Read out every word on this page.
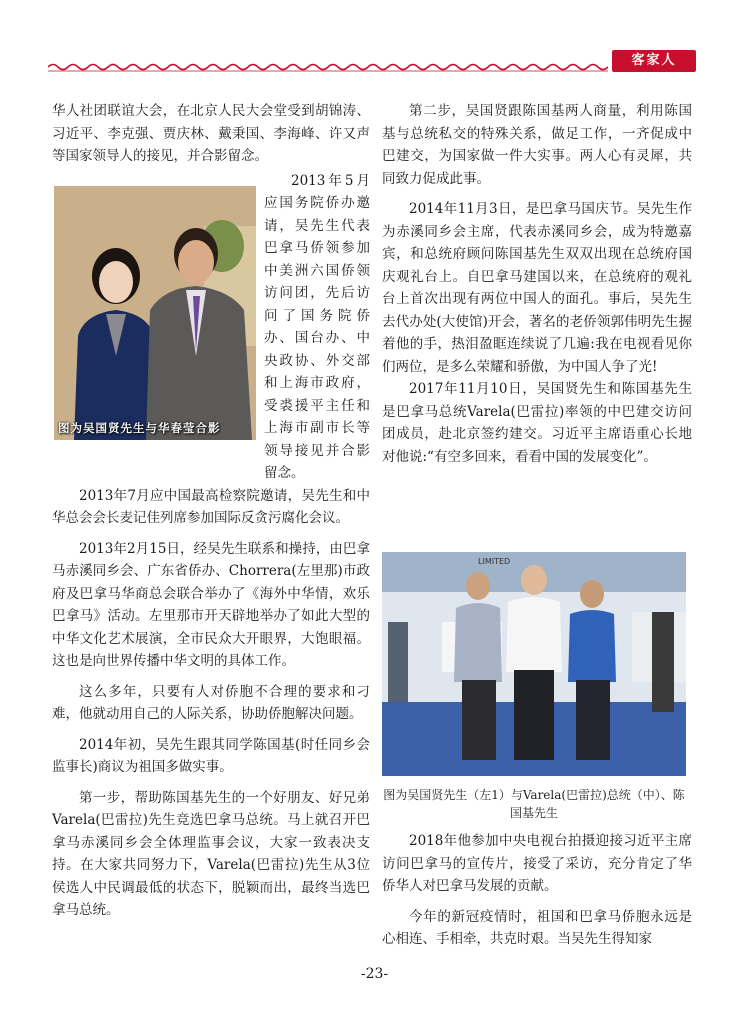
客家人

华人社团联谊大会，在北京人民大会堂受到胡锦涛、习近平、李克强、贾庆林、戴秉国、李海峰、许又声等国家领导人的接见，并合影留念。

2013年5月应国务院侨办邀请，吴先生代表巴拿马侨领参加中美洲六国侨领访问团，先后访问了国务院侨办、国台办、中央政协、外交部和上海市政府，受裘援平主任和上海市副市长等领导接见并合影留念。

2013年7月应中国最高检察院邀请，吴先生和中华总会会长麦记佳列席参加国际反贪污腐化会议。

2013年2月15日，经吴先生联系和操持，由巴拿马赤溪同乡会、广东省侨办、Chorrera(左里那)市政府及巴拿马华商总会联合举办了《海外中华情，欢乐巴拿马》活动。左里那市开天辟地举办了如此大型的中华文化艺术展演，全市民众大开眼界，大饱眼福。这也是向世界传播中华文明的具体工作。

这么多年，只要有人对侨胞不合理的要求和刁难，他就动用自己的人际关系，协助侨胞解决问题。

2014年初，吴先生跟其同学陈国基(时任同乡会监事长)商议为祖国多做实事。

第一步，帮助陈国基先生的一个好朋友、好兄弟Varela(巴雷拉)先生竞选巴拿马总统。马上就召开巴拿马赤溪同乡会全体理监事会议，大家一致表决支持。在大家共同努力下，Varela(巴雷拉)先生从3位侯选人中民调最低的状态下，脱颖而出，最终当选巴拿马总统。

图为吴国贤先生与华春莹合影

第二步，吴国贤跟陈国基两人商量，利用陈国基与总统私交的特殊关系，做足工作，一齐促成中巴建交，为国家做一件大实事。两人心有灵犀，共同致力促成此事。

2014年11月3日，是巴拿马国庆节。吴先生作为赤溪同乡会主席，代表赤溪同乡会，成为特邀嘉宾，和总统府顾问陈国基先生双双出现在总统府国庆观礼台上。自巴拿马建国以来，在总统府的观礼台上首次出现有两位中国人的面孔。事后，吴先生去代办处(大使馆)开会，著名的老侨领郭伟明先生握着他的手，热泪盈眶连续说了几遍:我在电视看见你们两位，是多么荣耀和骄傲，为中国人争了光!

2017年11月10日，吴国贤先生和陈国基先生是巴拿马总统Varela(巴雷拉)率领的中巴建交访问团成员，赴北京签约建交。习近平主席语重心长地对他说:“有空多回来，看看中国的发展变化”。

LIMITED
图为吴国贤先生（左1）与Varela(巴雷拉)总统（中）、陈国基先生

2018年他参加中央电视台拍摄迎接习近平主席访问巴拿马的宣传片，接受了采访，充分肯定了华侨华人对巴拿马发展的贡献。

今年的新冠疫情时，祖国和巴拿马侨胞永远是心相连、手相牵，共克时艰。当吴先生得知家

-23-
